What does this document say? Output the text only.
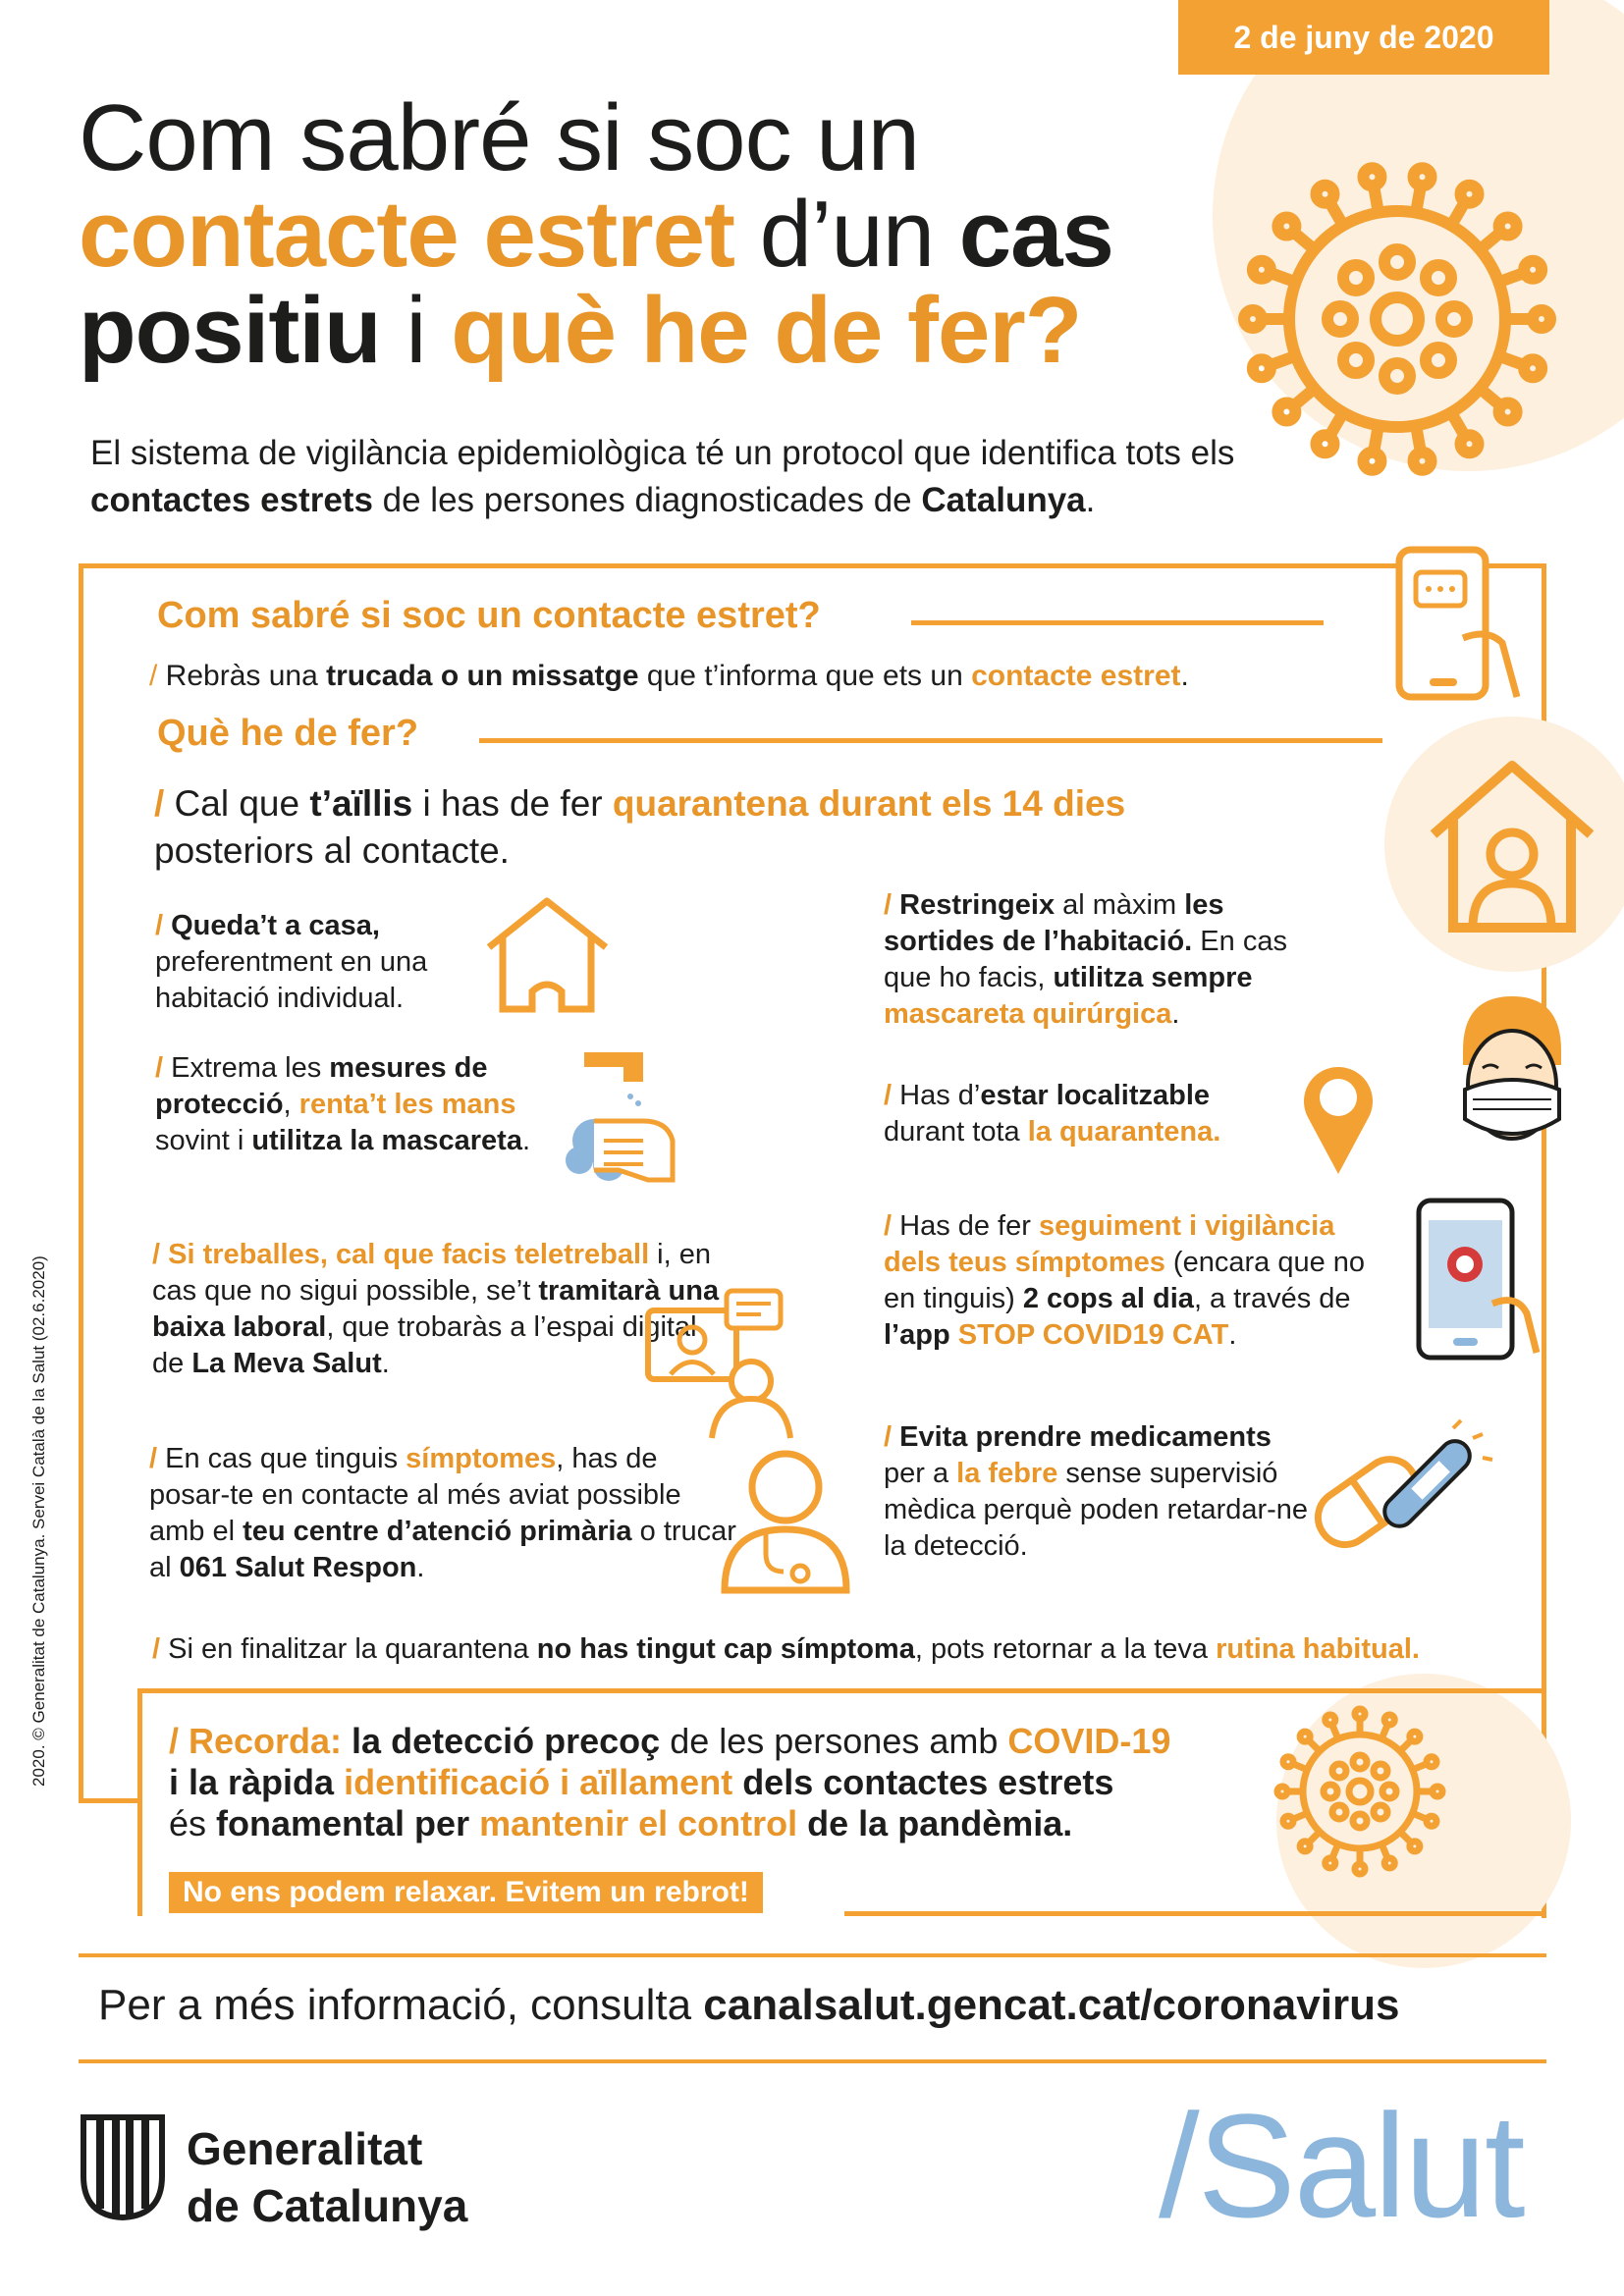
2 de juny de 2020
Com sabré si soc un
contacte estret d’un cas
positiu i què he de fer?
El sistema de vigilància epidemiològica té un protocol que identifica tots els contactes estrets de les persones diagnosticades de Catalunya.
Com sabré si soc un contacte estret?
/ Rebràs una trucada o un missatge que t’informa que ets un contacte estret.
Què he de fer?
/ Cal que t’aïllis i has de fer quarantena durant els 14 dies
posteriors al contacte.
/ Queda’t a casa,
preferentment en una habitació individual.
/ Extrema les mesures de protecció, renta’t les mans sovint i utilitza la mascareta.
/ Si treballes, cal que facis teletreball i, en cas que no sigui possible, se’t tramitarà una baixa laboral, que trobaràs a l’espai digital de La Meva Salut.
/ En cas que tinguis símptomes, has de posar-te en contacte al més aviat possible amb el teu centre d’atenció primària o trucar al 061 Salut Respon.
/ Restringeix al màxim les sortides de l’habitació. En cas que ho facis, utilitza sempre mascareta quirúrgica.
/ Has d’estar localitzable durant tota la quarantena.
/ Has de fer seguiment i vigilància dels teus símptomes (encara que no en tinguis) 2 cops al dia, a través de l’app STOP COVID19 CAT.
/ Evita prendre medicaments per a la febre sense supervisió mèdica perquè poden retardar-ne la detecció.
/ Si en finalitzar la quarantena no has tingut cap símptoma, pots retornar a la teva rutina habitual.
/ Recorda: la detecció precoç de les persones amb COVID-19
i la ràpida identificació i aïllament dels contactes estrets
és fonamental per mantenir el control de la pandèmia.
No ens podem relaxar. Evitem un rebrot!
Per a més informació, consulta canalsalut.gencat.cat/coronavirus
Generalitat
de Catalunya	/Salut
2020. © Generalitat de Catalunya. Servei Català de la Salut (02.6.2020)
